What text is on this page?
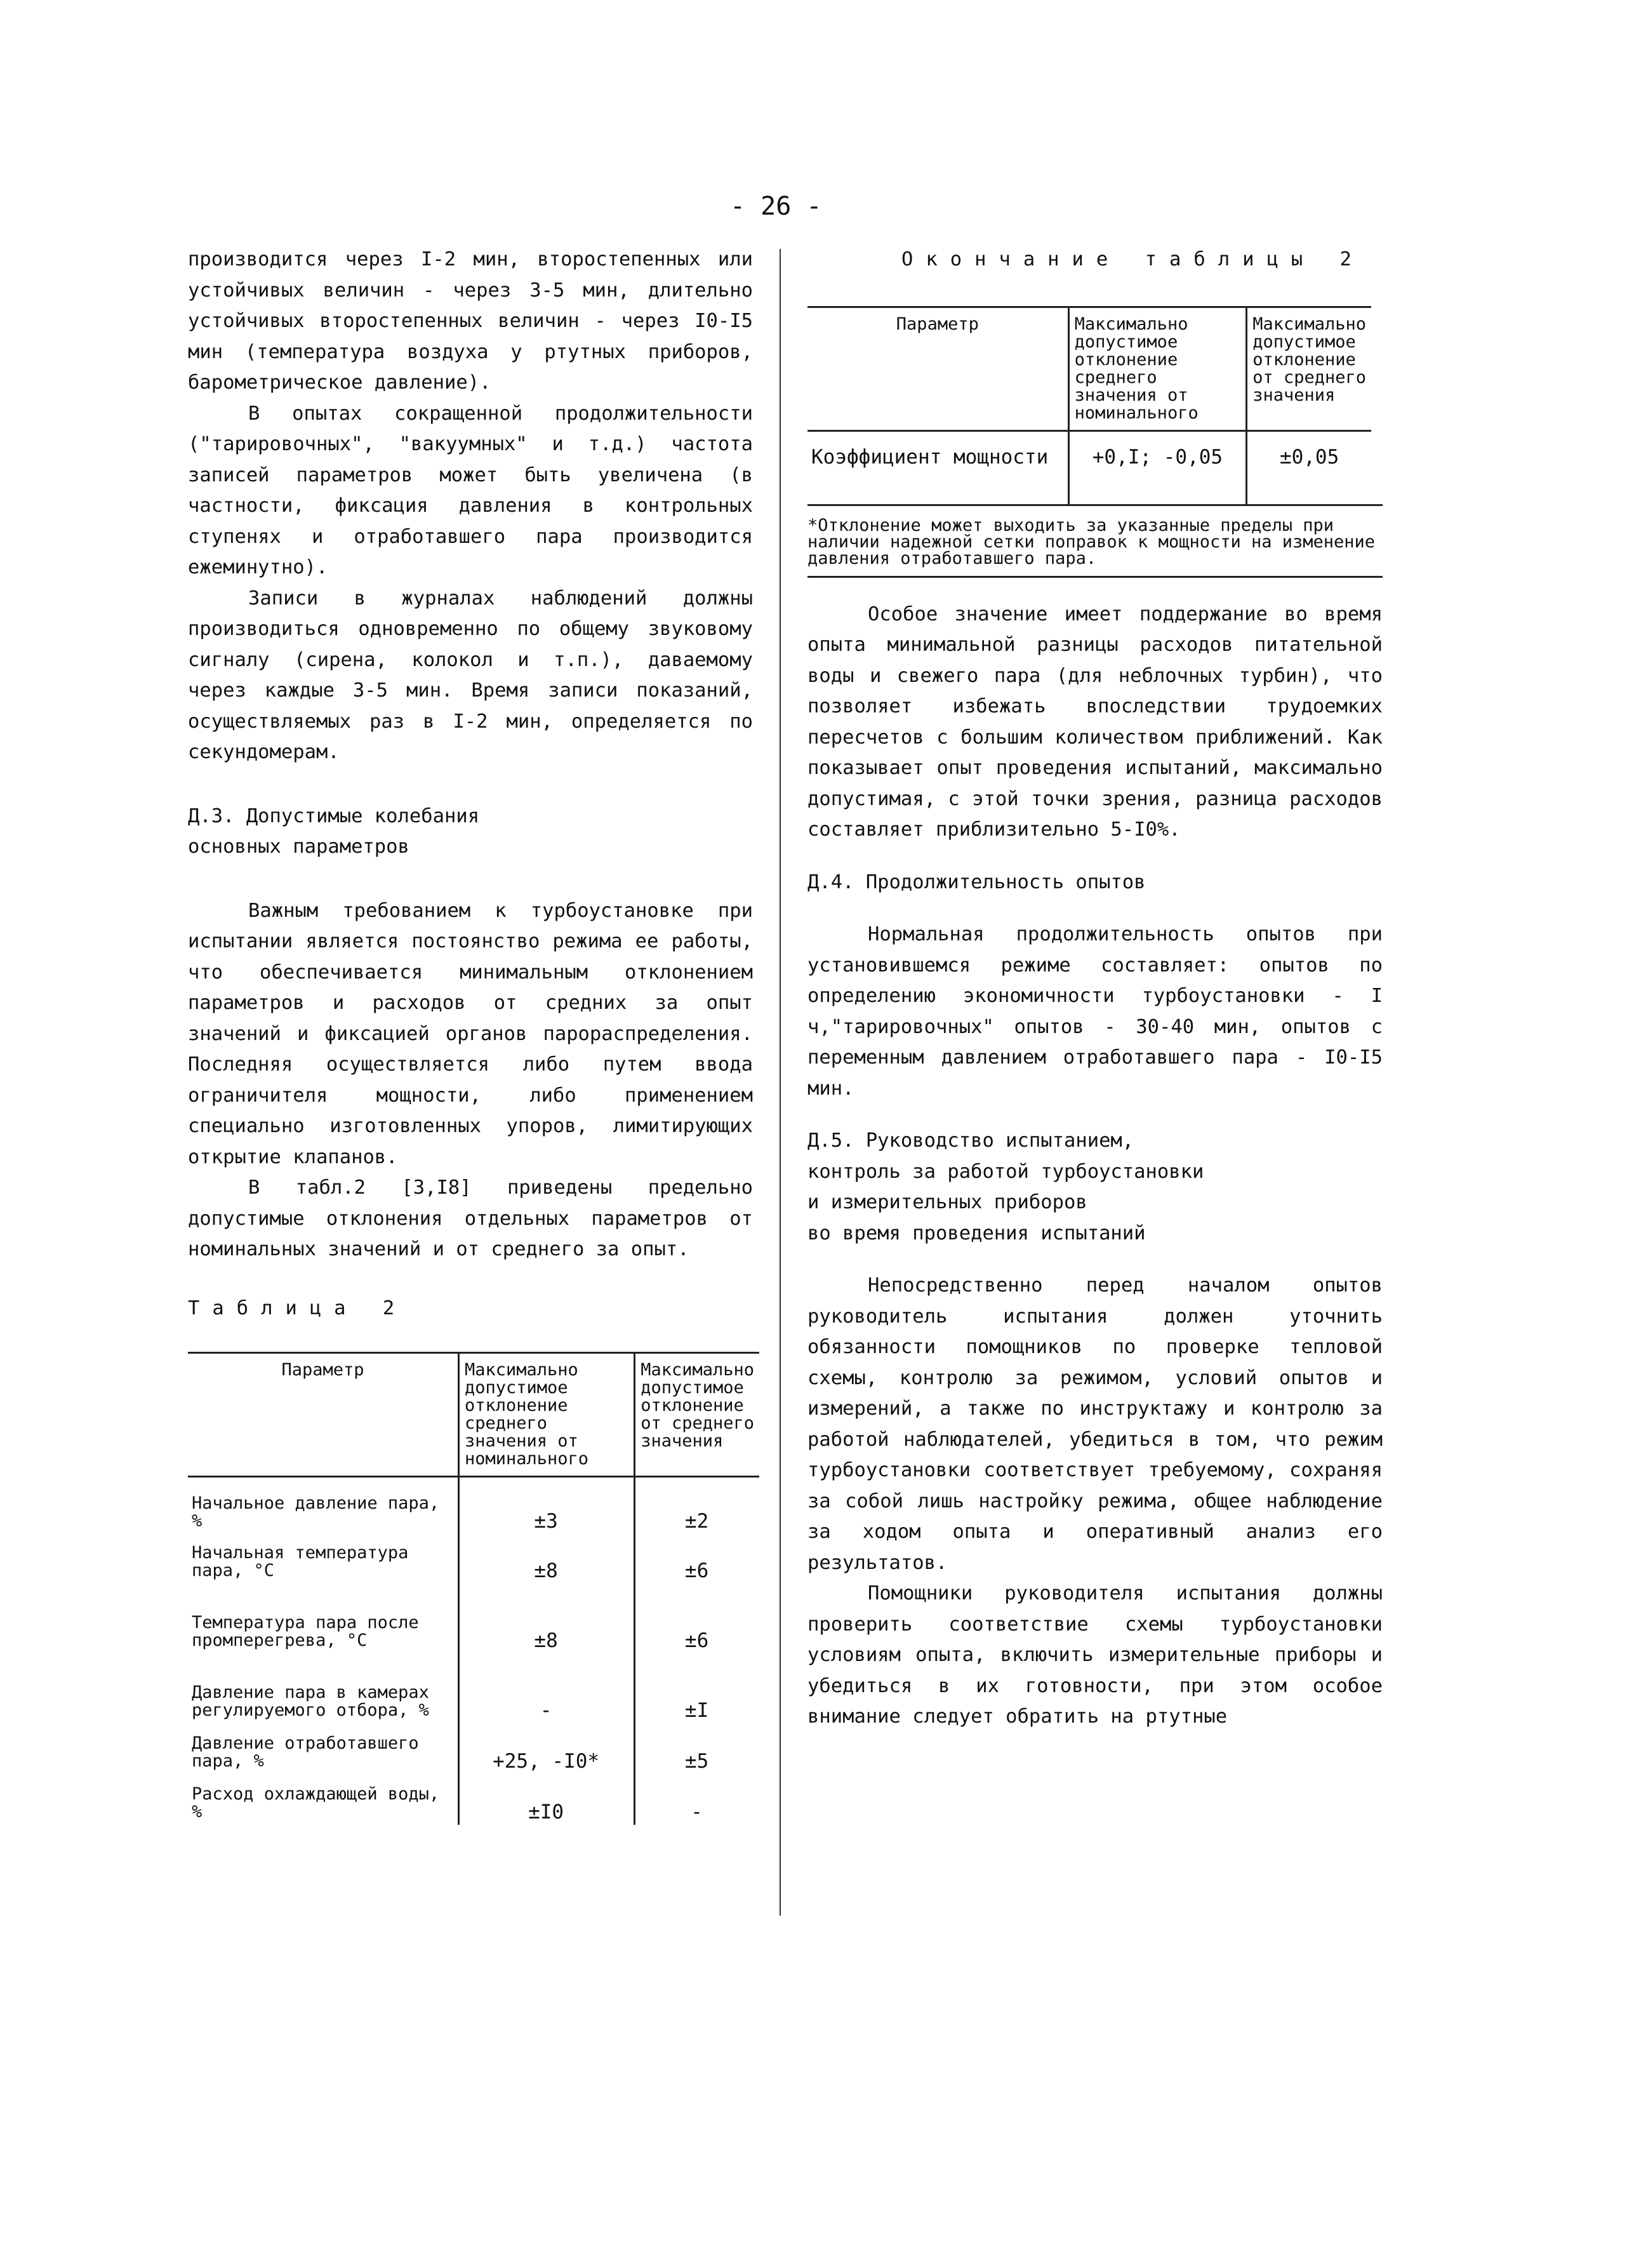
- 26 -

производится через I-2 мин, второстепенных или устойчивых величин - через 3-5 мин, длительно устойчивых второстепенных величин - через I0-I5 мин (температура воздуха у ртутных приборов, барометрическое давление).

В опытах сокращенной продолжительности ("тарировочных", "вакуумных" и т.д.) частота записей параметров может быть увеличена (в частности, фиксация давления в контрольных ступенях и отработавшего пара производится ежеминутно).

Записи в журналах наблюдений должны производиться одновременно по общему звуковому сигналу (сирена, колокол и т.п.), даваемому через каждые 3-5 мин. Время записи показаний, осуществляемых раз в I-2 мин, определяется по секундомерам.

Д.3. Допустимые колебания
основных параметров

Важным требованием к турбоустановке при испытании является постоянство режима ее работы, что обеспечивается минимальным отклонением параметров и расходов от средних за опыт значений и фиксацией органов парораспределения. Последняя осуществляется либо путем ввода ограничителя мощности, либо применением специально изготовленных упоров, лимитирующих открытие клапанов.

В табл.2 [3,I8] приведены предельно допустимые отклонения отдельных параметров от номинальных значений и от среднего за опыт.

Таблица 2

Параметр	Максимально допустимое отклонение среднего значения от номинального	Максимально допустимое отклонение от среднего значения
Начальное давление пара, %	±3	±2
Начальная температура пара, °C	±8	±6
Температура пара после промперегрева, °C	±8	±6
Давление пара в камерах регулируемого отбора, %	-	±I
Давление отработавшего пара, %	+25, -I0*	±5
Расход охлаждающей воды, %	±I0	-

Окончание таблицы 2

Параметр	Максимально допустимое отклонение среднего значения от номинального	Максимально допустимое отклонение от среднего значения
Коэффициент мощности	+0,I; -0,05	±0,05
*Отклонение может выходить за указанные пределы при наличии надежной сетки поправок к мощности на изменение давления отработавшего пара.

Особое значение имеет поддержание во время опыта минимальной разницы расходов питательной воды и свежего пара (для неблочных турбин), что позволяет избежать впоследствии трудоемких пересчетов с большим количеством приближений. Как показывает опыт проведения испытаний, максимально допустимая, с этой точки зрения, разница расходов составляет приблизительно 5-I0%.

Д.4. Продолжительность опытов

Нормальная продолжительность опытов при установившемся режиме составляет: опытов по определению экономичности турбоустановки - I ч,"тарировочных" опытов - 30-40 мин, опытов с переменным давлением отработавшего пара - I0-I5 мин.

Д.5. Руководство испытанием,
контроль за работой турбоустановки
и измерительных приборов
во время проведения испытаний

Непосредственно перед началом опытов руководитель испытания должен уточнить обязанности помощников по проверке тепловой схемы, контролю за режимом, условий опытов и измерений, а также по инструктажу и контролю за работой наблюдателей, убедиться в том, что режим турбоустановки соответствует требуемому, сохраняя за собой лишь настройку режима, общее наблюдение за ходом опыта и оперативный анализ его результатов.

Помощники руководителя испытания должны проверить соответствие схемы турбоустановки условиям опыта, включить измерительные приборы и убедиться в их готовности, при этом особое внимание следует обратить на ртутные
